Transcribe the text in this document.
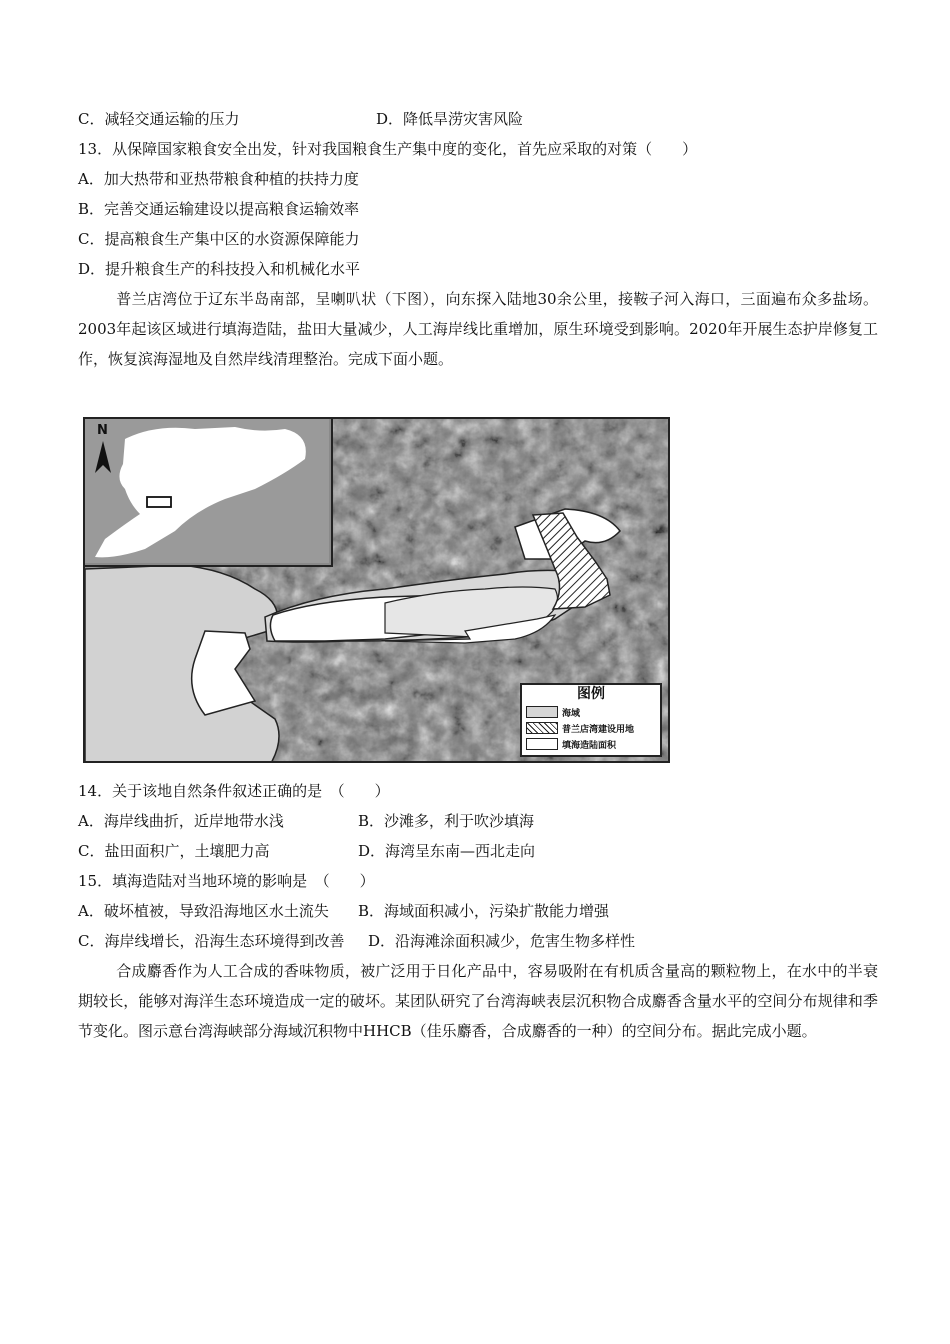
C．减轻交通运输的压力	D．降低旱涝灾害风险
13．从保障国家粮食安全出发，针对我国粮食生产集中度的变化，首先应采取的对策（　　）
A．加大热带和亚热带粮食种植的扶持力度
B．完善交通运输建设以提高粮食运输效率
C．提高粮食生产集中区的水资源保障能力
D．提升粮食生产的科技投入和机械化水平
普兰店湾位于辽东半岛南部，呈喇叭状（下图），向东探入陆地30余公里，接鞍子河入海口，三面遍布众多盐场。2003年起该区域进行填海造陆，盐田大量减少，人工海岸线比重增加，原生环境受到影响。2020年开展生态护岸修复工作，恢复滨海湿地及自然岸线清理整治。完成下面小题。
N
图例
海域
普兰店湾建设用地
填海造陆面积
14．关于该地自然条件叙述正确的是　（　　）
A．海岸线曲折，近岸地带水浅	B．沙滩多，利于吹沙填海
C．盐田面积广，土壤肥力高	D．海湾呈东南—西北走向
15．填海造陆对当地环境的影响是　（　　）
A．破坏植被，导致沿海地区水土流失 B．海域面积减小，污染扩散能力增强
C．海岸线增长，沿海生态环境得到改善 D．沿海滩涂面积减少，危害生物多样性
合成麝香作为人工合成的香味物质，被广泛用于日化产品中，容易吸附在有机质含量高的颗粒物上，在水中的半衰期较长，能够对海洋生态环境造成一定的破坏。某团队研究了台湾海峡表层沉积物合成麝香含量水平的空间分布规律和季节变化。图示意台湾海峡部分海域沉积物中HHCB（佳乐麝香，合成麝香的一种）的空间分布。据此完成小题。
